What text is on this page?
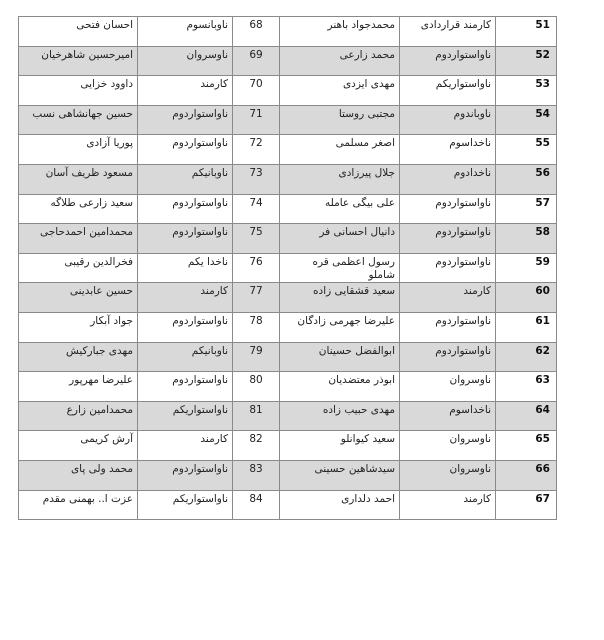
احسان فتحی	ناوبانسوم	68	محمدجواد باهنر	کارمند قراردادی	51
امیرحسین شاهرخیان	ناوسروان	69	محمد زارعی	ناواستواردوم	52
داوود خزایی	کارمند	70	مهدی ایزدی	ناواستواریکم	53
حسین جهانشاهی نسب	ناواستواردوم	71	مجتبی روستا	ناوباندوم	54
پوریا آزادی	ناواستواردوم	72	اصغر مسلمی	ناخداسوم	55
مسعود ظریف آسان	ناوبانیکم	73	جلال پیرزادی	ناخدادوم	56
سعید زارعی طلاگه	ناواستواردوم	74	علی بیگی عامله	ناواستواردوم	57
محمدامین احمدحاجی	ناواستواردوم	75	دانیال احسانی فر	ناواستواردوم	58
فخرالدین رقیبی	ناخدا یکم	76	رسول اعظمی قره شاملو	ناواستواردوم	59
حسین عابدینی	کارمند	77	سعید قشقایی زاده	کارمند	60
جواد آبکار	ناواستواردوم	78	علیرضا جهرمی زادگان	ناواستواردوم	61
مهدی جبارکیش	ناوبانیکم	79	ابوالفضل حسینان	ناواستواردوم	62
علیرضا مهرپور	ناواستواردوم	80	ابوذر معتضدیان	ناوسروان	63
محمدامین زارع	ناواستواریکم	81	مهدی حبیب زاده	ناخداسوم	64
آرش کریمی	کارمند	82	سعید کیوانلو	ناوسروان	65
محمد ولی پای	ناواستواردوم	83	سیدشاهین حسینی	ناوسروان	66
عزت ا.. بهمنی مقدم	ناواستواریکم	84	احمد دلداری	کارمند	67
